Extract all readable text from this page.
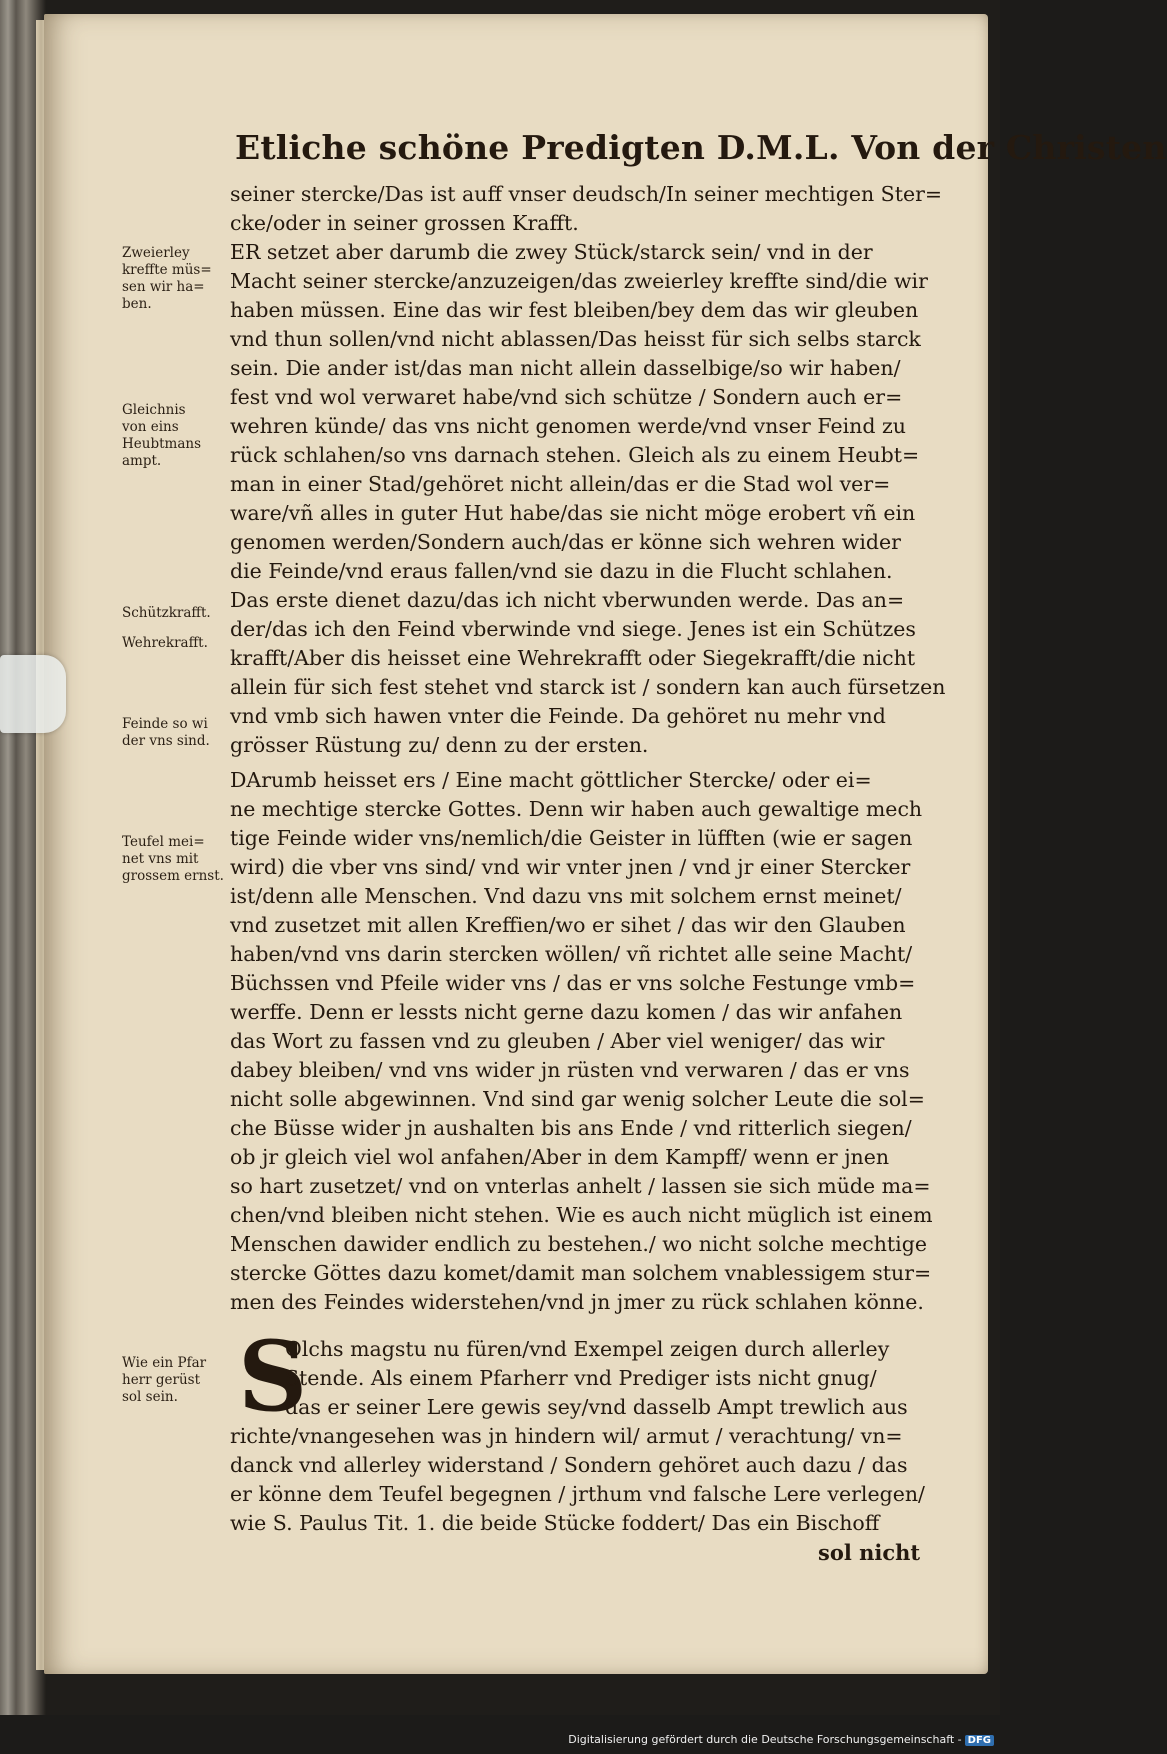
Etliche schöne Predigten D.M.L. Von der Christen
seiner stercke/Das ist auff vnser deudsch/In seiner mechtigen Ster=
cke/oder in seiner grossen Krafft.
ER setzet aber darumb die zwey Stück/starck sein/ vnd in der
Macht seiner stercke/anzuzeigen/das zweierley kreffte sind/die wir
haben müssen. Eine das wir fest bleiben/bey dem das wir gleuben
vnd thun sollen/vnd nicht ablassen/Das heisst für sich selbs starck
sein. Die ander ist/das man nicht allein dasselbige/so wir haben/
fest vnd wol verwaret habe/vnd sich schütze / Sondern auch er=
wehren künde/ das vns nicht genomen werde/vnd vnser Feind zu
rück schlahen/so vns darnach stehen. Gleich als zu einem Heubt=
man in einer Stad/gehöret nicht allein/das er die Stad wol ver=
ware/vñ alles in guter Hut habe/das sie nicht möge erobert vñ ein
genomen werden/Sondern auch/das er könne sich wehren wider
die Feinde/vnd eraus fallen/vnd sie dazu in die Flucht schlahen.
Das erste dienet dazu/das ich nicht vberwunden werde. Das an=
der/das ich den Feind vberwinde vnd siege. Jenes ist ein Schützes
krafft/Aber dis heisset eine Wehrekrafft oder Siegekrafft/die nicht
allein für sich fest stehet vnd starck ist / sondern kan auch fürsetzen
vnd vmb sich hawen vnter die Feinde. Da gehöret nu mehr vnd
grösser Rüstung zu/ denn zu der ersten.
DArumb heisset ers / Eine macht göttlicher Stercke/ oder ei=
ne mechtige stercke Gottes. Denn wir haben auch gewaltige mech
tige Feinde wider vns/nemlich/die Geister in lüfften (wie er sagen
wird) die vber vns sind/ vnd wir vnter jnen / vnd jr einer Stercker
ist/denn alle Menschen. Vnd dazu vns mit solchem ernst meinet/
vnd zusetzet mit allen Kreffien/wo er sihet / das wir den Glauben
haben/vnd vns darin stercken wöllen/ vñ richtet alle seine Macht/
Büchssen vnd Pfeile wider vns / das er vns solche Festunge vmb=
werffe. Denn er lessts nicht gerne dazu komen / das wir anfahen
das Wort zu fassen vnd zu gleuben / Aber viel weniger/ das wir
dabey bleiben/ vnd vns wider jn rüsten vnd verwaren / das er vns
nicht solle abgewinnen. Vnd sind gar wenig solcher Leute die sol=
che Büsse wider jn aushalten bis ans Ende / vnd ritterlich siegen/
ob jr gleich viel wol anfahen/Aber in dem Kampff/ wenn er jnen
so hart zusetzet/ vnd on vnterlas anhelt / lassen sie sich müde ma=
chen/vnd bleiben nicht stehen. Wie es auch nicht müglich ist einem
Menschen dawider endlich zu bestehen./ wo nicht solche mechtige
stercke Göttes dazu komet/damit man solchem vnablessigem stur=
men des Feindes widerstehen/vnd jn jmer zu rück schlahen könne.
S
Olchs magstu nu füren/vnd Exempel zeigen durch allerley
Stende. Als einem Pfarherr vnd Prediger ists nicht gnug/
das er seiner Lere gewis sey/vnd dasselb Ampt trewlich aus
richte/vnangesehen was jn hindern wil/ armut / verachtung/ vn=
danck vnd allerley widerstand / Sondern gehöret auch dazu / das
er könne dem Teufel begegnen / jrthum vnd falsche Lere verlegen/
wie S. Paulus Tit. 1. die beide Stücke foddert/ Das ein Bischoff
sol nicht
Zweierley
kreffte müs=
sen wir ha=
ben.
Gleichnis
von eins
Heubtmans
ampt.
Schützkrafft.
Wehrekrafft.
Feinde so wi
der vns sind.
Teufel mei=
net vns mit
grossem ernst.
Wie ein Pfar
herr gerüst
sol sein.
Digitalisierung gefördert durch die Deutsche Forschungsgemeinschaft - DFG
